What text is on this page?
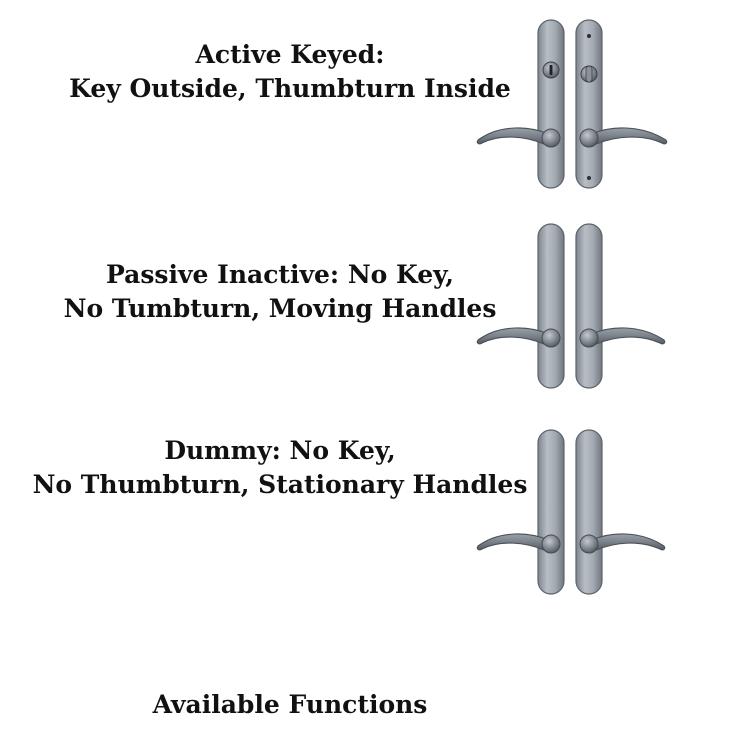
Active Keyed:
Key Outside, Thumbturn Inside
Passive Inactive: No Key,
No Tumbturn, Moving Handles
Dummy: No Key,
No Thumbturn, Stationary Handles
Available Functions
